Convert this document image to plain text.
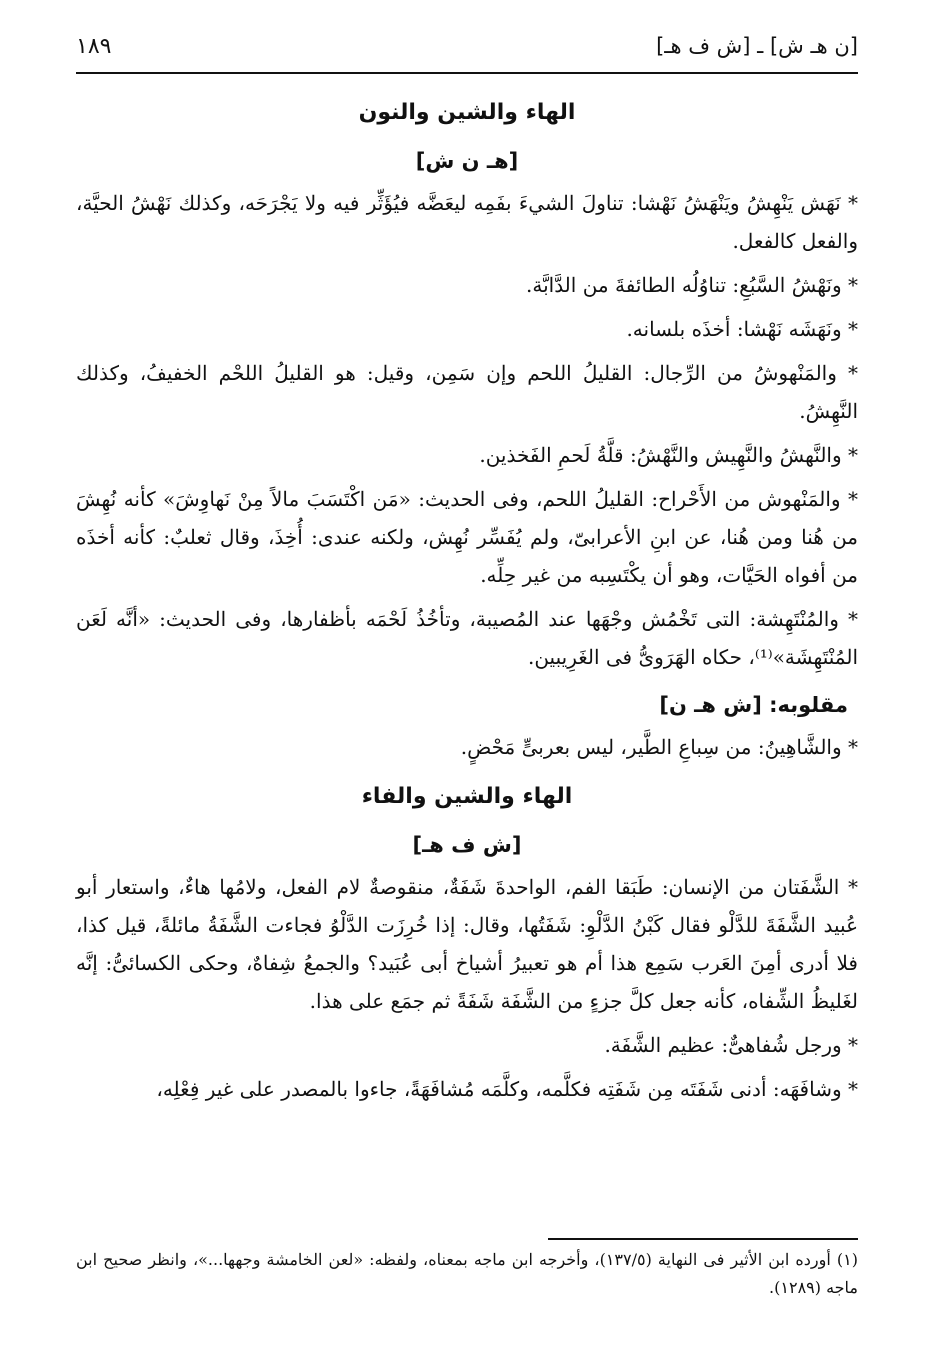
[ن هـ ش] ـ [ش ف هـ]
١٨٩
الهاء والشين والنون
[هـ ن ش]

* نَهَش يَنْهِشُ ويَنْهَشُ نَهْشا: تناولَ الشيءَ بفَمِه ليعَضَّه فيُؤَثِّر فيه ولا يَجْرَحَه، وكذلك نَهْشُ الحيَّة، والفعل كالفعل.

* ونَهْشُ السَّبُعِ: تناوُلُه الطائفةَ من الدَّابَّة.

* ونَهَشَه نَهْشا: أخذَه بلسانه.

* والمَنْهوشُ من الرِّجال: القليلُ اللحم وإن سَمِن، وقيل: هو القليلُ اللحْم الخفيفُ، وكذلك النَّهِشُ.

* والنَّهشُ والنَّهِيش والنَّهْشُ: قلَّةُ لَحمِ الفَخذين.

* والمَنْهوش من الأَحْراح: القليلُ اللحم، وفى الحديث: «مَن اكْتَسَبَ مالاً مِنْ نَهاوِشَ» كأنه نُهِشَ من هُنا ومن هُنا، عن ابنِ الأعرابىّ، ولم يُفَسِّر نُهِش، ولكنه عندى: أُخِذَ، وقال ثعلبٌ: كأنه أخذَه من أفواه الحَيَّات، وهو أن يكْتَسِبه من غير حِلِّه.

* والمُنْتَهِشة: التى تَخْمُش وجْهَها عند المُصيبة، وتأخُذُ لَحْمَه بأظفارها، وفى الحديث: «أنَّه لَعَن المُنْتَهِشَة»⁽¹⁾، حكاه الهَرَوىُّ فى الغَرِيبين.

مقلوبه: [ش هـ ن]

* والشَّاهِينُ: من سِباعِ الطَّير، ليس بعربىٍّ مَحْضٍ.

الهاء والشين والفاء
[ش ف هـ]

* الشَّفَتان من الإنسان: طَبَقا الفم، الواحدةَ شَفَةٌ، منقوصةٌ لام الفعل، ولامُها هاءٌ، واستعار أبو عُبيد الشَّفَةَ للدَّلْو فقال كَبْنُ الدَّلْوِ: شَفَتُها، وقال: إذا خُرِزَت الدَّلْوُ فجاءت الشَّفَةُ مائلةً، قيل كذا، فلا أدرى أمِنَ العَرب سَمِع هذا أم هو تعبيرُ أشياخ أبى عُبَيد؟ والجمعُ شِفاهٌ، وحكى الكسائىُّ: إنَّه لغَليظُ الشِّفاه، كأنه جعل كلَّ جزءٍ من الشَّفَة شَفَةً ثم جمَع على هذا.

* ورجل شُفاهىٌّ: عظيم الشَّفَة.

* وشافَهَه: أدنى شَفَتَه مِن شَفَتِه فكلَّمه، وكلَّمَه مُشافَهَةً، جاءوا بالمصدر على غير فِعْلِه،

(١) أورده ابن الأثير فى النهاية (١٣٧/٥)، وأخرجه ابن ماجه بمعناه، ولفظه: «لعن الخامشة وجهها...»، وانظر صحيح ابن ماجه (١٢٨٩).
